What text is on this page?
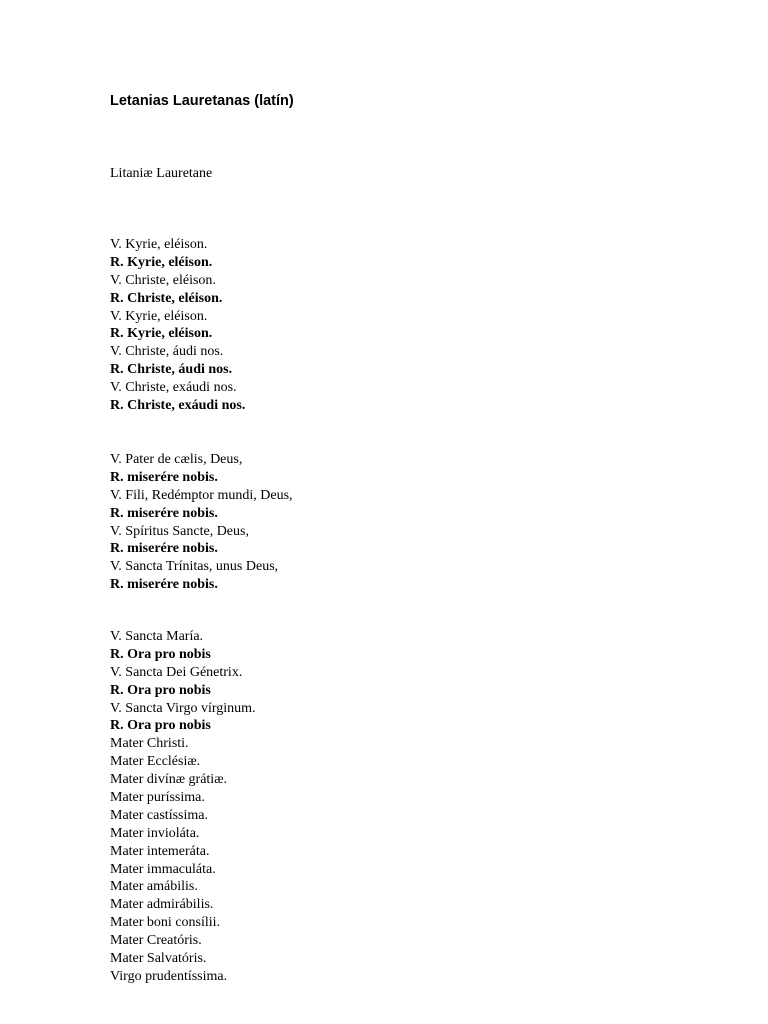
Letanias Lauretanas (latín)

Litaniæ Lauretane

V. Kyrie, eléison.
R. Kyrie, eléison.
V. Christe, eléison.
R. Christe, eléison.
V. Kyrie, eléison.
R. Kyrie, eléison.
V. Christe, áudi nos.
R. Christe, áudi nos.
V. Christe, exáudi nos.
R. Christe, exáudi nos.
V. Pater de cælis, Deus,
R. miserére nobis.
V. Fili, Redémptor mundi, Deus,
R. miserére nobis.
V. Spíritus Sancte, Deus,
R. miserére nobis.
V. Sancta Trínitas, unus Deus,
R. miserére nobis.
V. Sancta María.
R. Ora pro nobis
V. Sancta Dei Génetrix.
R. Ora pro nobis
V. Sancta Virgo vírginum.
R. Ora pro nobis
Mater Christi.
Mater Ecclésiæ.
Mater divínæ grátiæ.
Mater puríssima.
Mater castíssima.
Mater invioláta.
Mater intemeráta.
Mater immaculáta.
Mater amábilis.
Mater admirábilis.
Mater boni consílii.
Mater Creatóris.
Mater Salvatóris.
Virgo prudentíssima.
